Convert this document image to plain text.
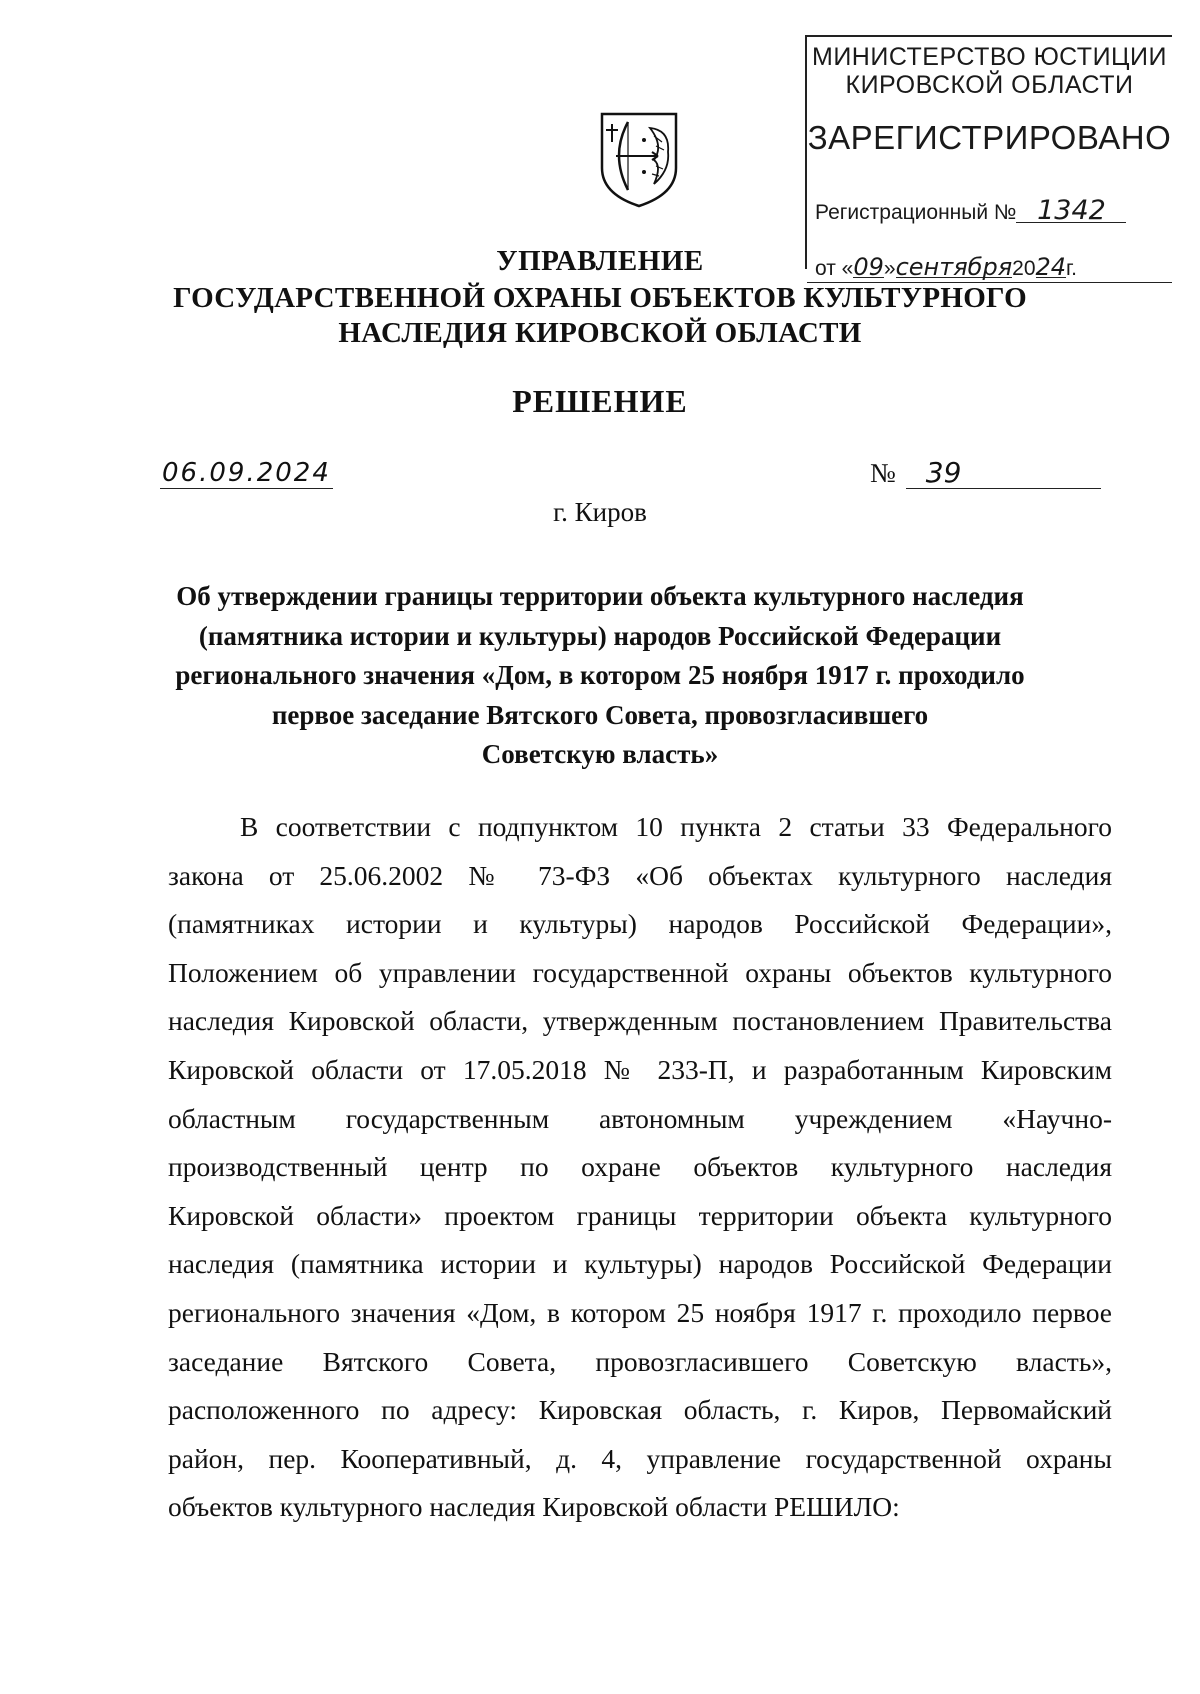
МИНИСТЕРСТВО ЮСТИЦИИ
КИРОВСКОЙ ОБЛАСТИ
ЗАРЕГИСТРИРОВАНО
Регистрационный № 1342
от «09»сентября2024г.
УПРАВЛЕНИЕ
ГОСУДАРСТВЕННОЙ ОХРАНЫ ОБЪЕКТОВ КУЛЬТУРНОГО
НАСЛЕДИЯ КИРОВСКОЙ ОБЛАСТИ
РЕШЕНИЕ
06.09.2024	№ 39
г. Киров
Об утверждении границы территории объекта культурного наследия
(памятника истории и культуры) народов Российской Федерации
регионального значения «Дом, в котором 25 ноября 1917 г. проходило
первое заседание Вятского Совета, провозгласившего
Советскую власть»
В соответствии с подпунктом 10 пункта 2 статьи 33 Федерального
закона от 25.06.2002 № 73-ФЗ «Об объектах культурного наследия
(памятниках истории и культуры) народов Российской Федерации»,
Положением об управлении государственной охраны объектов культурного
наследия Кировской области, утвержденным постановлением Правительства
Кировской области от 17.05.2018 № 233-П, и разработанным Кировским
областным государственным автономным учреждением «Научно-
производственный центр по охране объектов культурного наследия
Кировской области» проектом границы территории объекта культурного
наследия (памятника истории и культуры) народов Российской Федерации
регионального значения «Дом, в котором 25 ноября 1917 г. проходило первое
заседание Вятского Совета, провозгласившего Советскую власть»,
расположенного по адресу: Кировская область, г. Киров, Первомайский
район, пер. Кооперативный, д. 4, управление государственной охраны
объектов культурного наследия Кировской области РЕШИЛО:
